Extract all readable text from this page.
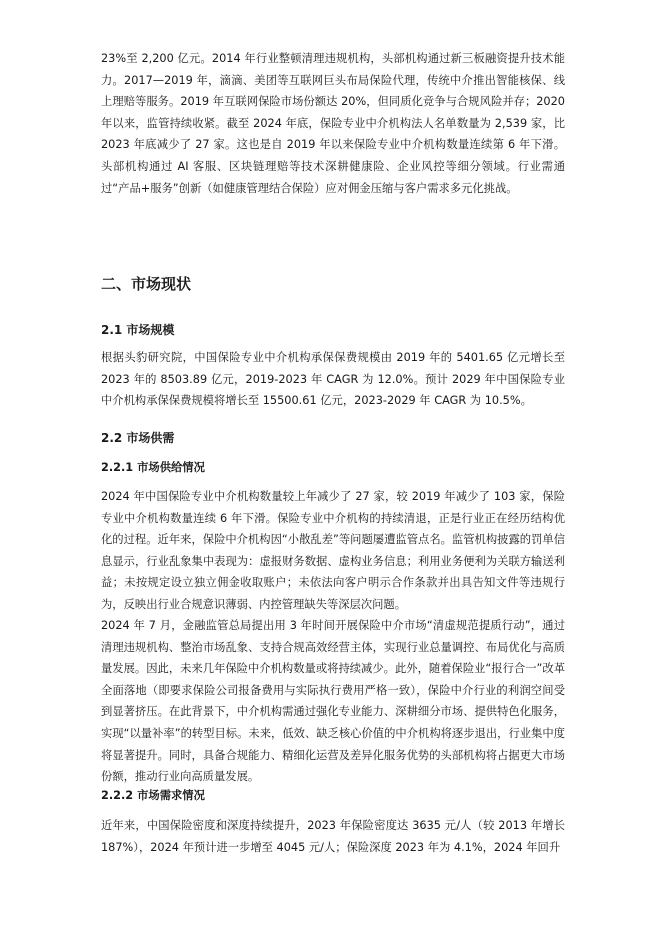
23%至 2,200 亿元。2014 年行业整顿清理违规机构，头部机构通过新三板融资提升技术能力。2017—2019 年，滴滴、美团等互联网巨头布局保险代理，传统中介推出智能核保、线上理赔等服务。2019 年互联网保险市场份额达 20%，但同质化竞争与合规风险并存；2020 年以来，监管持续收紧。截至 2024 年底，保险专业中介机构法人名单数量为 2,539 家，比 2023 年底减少了 27 家。这也是自 2019 年以来保险专业中介机构数量连续第 6 年下滑。头部机构通过 AI 客服、区块链理赔等技术深耕健康险、企业风控等细分领域。行业需通过“产品+服务”创新（如健康管理结合保险）应对佣金压缩与客户需求多元化挑战。

二、市场现状
2.1 市场规模

根据头豹研究院，中国保险专业中介机构承保保费规模由 2019 年的 5401.65 亿元增长至 2023 年的 8503.89 亿元，2019-2023 年 CAGR 为 12.0%。预计 2029 年中国保险专业中介机构承保保费规模将增长至 15500.61 亿元，2023-2029 年 CAGR 为 10.5%。

2.2 市场供需
2.2.1 市场供给情况

2024 年中国保险专业中介机构数量较上年减少了 27 家，较 2019 年减少了 103 家，保险专业中介机构数量连续 6 年下滑。保险专业中介机构的持续清退，正是行业正在经历结构优化的过程。近年来，保险中介机构因“小散乱差”等问题屡遭监管点名。监管机构披露的罚单信息显示，行业乱象集中表现为：虚报财务数据、虚构业务信息；利用业务便利为关联方输送利益；未按规定设立独立佣金收取账户；未依法向客户明示合作条款并出具告知文件等违规行为，反映出行业合规意识薄弱、内控管理缺失等深层次问题。

2024 年 7 月，金融监管总局提出用 3 年时间开展保险中介市场“清虚规范提质行动”，通过清理违规机构、整治市场乱象、支持合规高效经营主体，实现行业总量调控、布局优化与高质量发展。因此，未来几年保险中介机构数量或将持续减少。此外，随着保险业“报行合一”改革全面落地（即要求保险公司报备费用与实际执行费用严格一致），保险中介行业的利润空间受到显著挤压。在此背景下，中介机构需通过强化专业能力、深耕细分市场、提供特色化服务，实现“以量补率”的转型目标。未来，低效、缺乏核心价值的中介机构将逐步退出，行业集中度将显著提升。同时，具备合规能力、精细化运营及差异化服务优势的头部机构将占据更大市场份额，推动行业向高质量发展。

2.2.2 市场需求情况

近年来，中国保险密度和深度持续提升，2023 年保险密度达 3635 元/人（较 2013 年增长 187%），2024 年预计进一步增至 4045 元/人；保险深度 2023 年为 4.1%，2024 年回升
